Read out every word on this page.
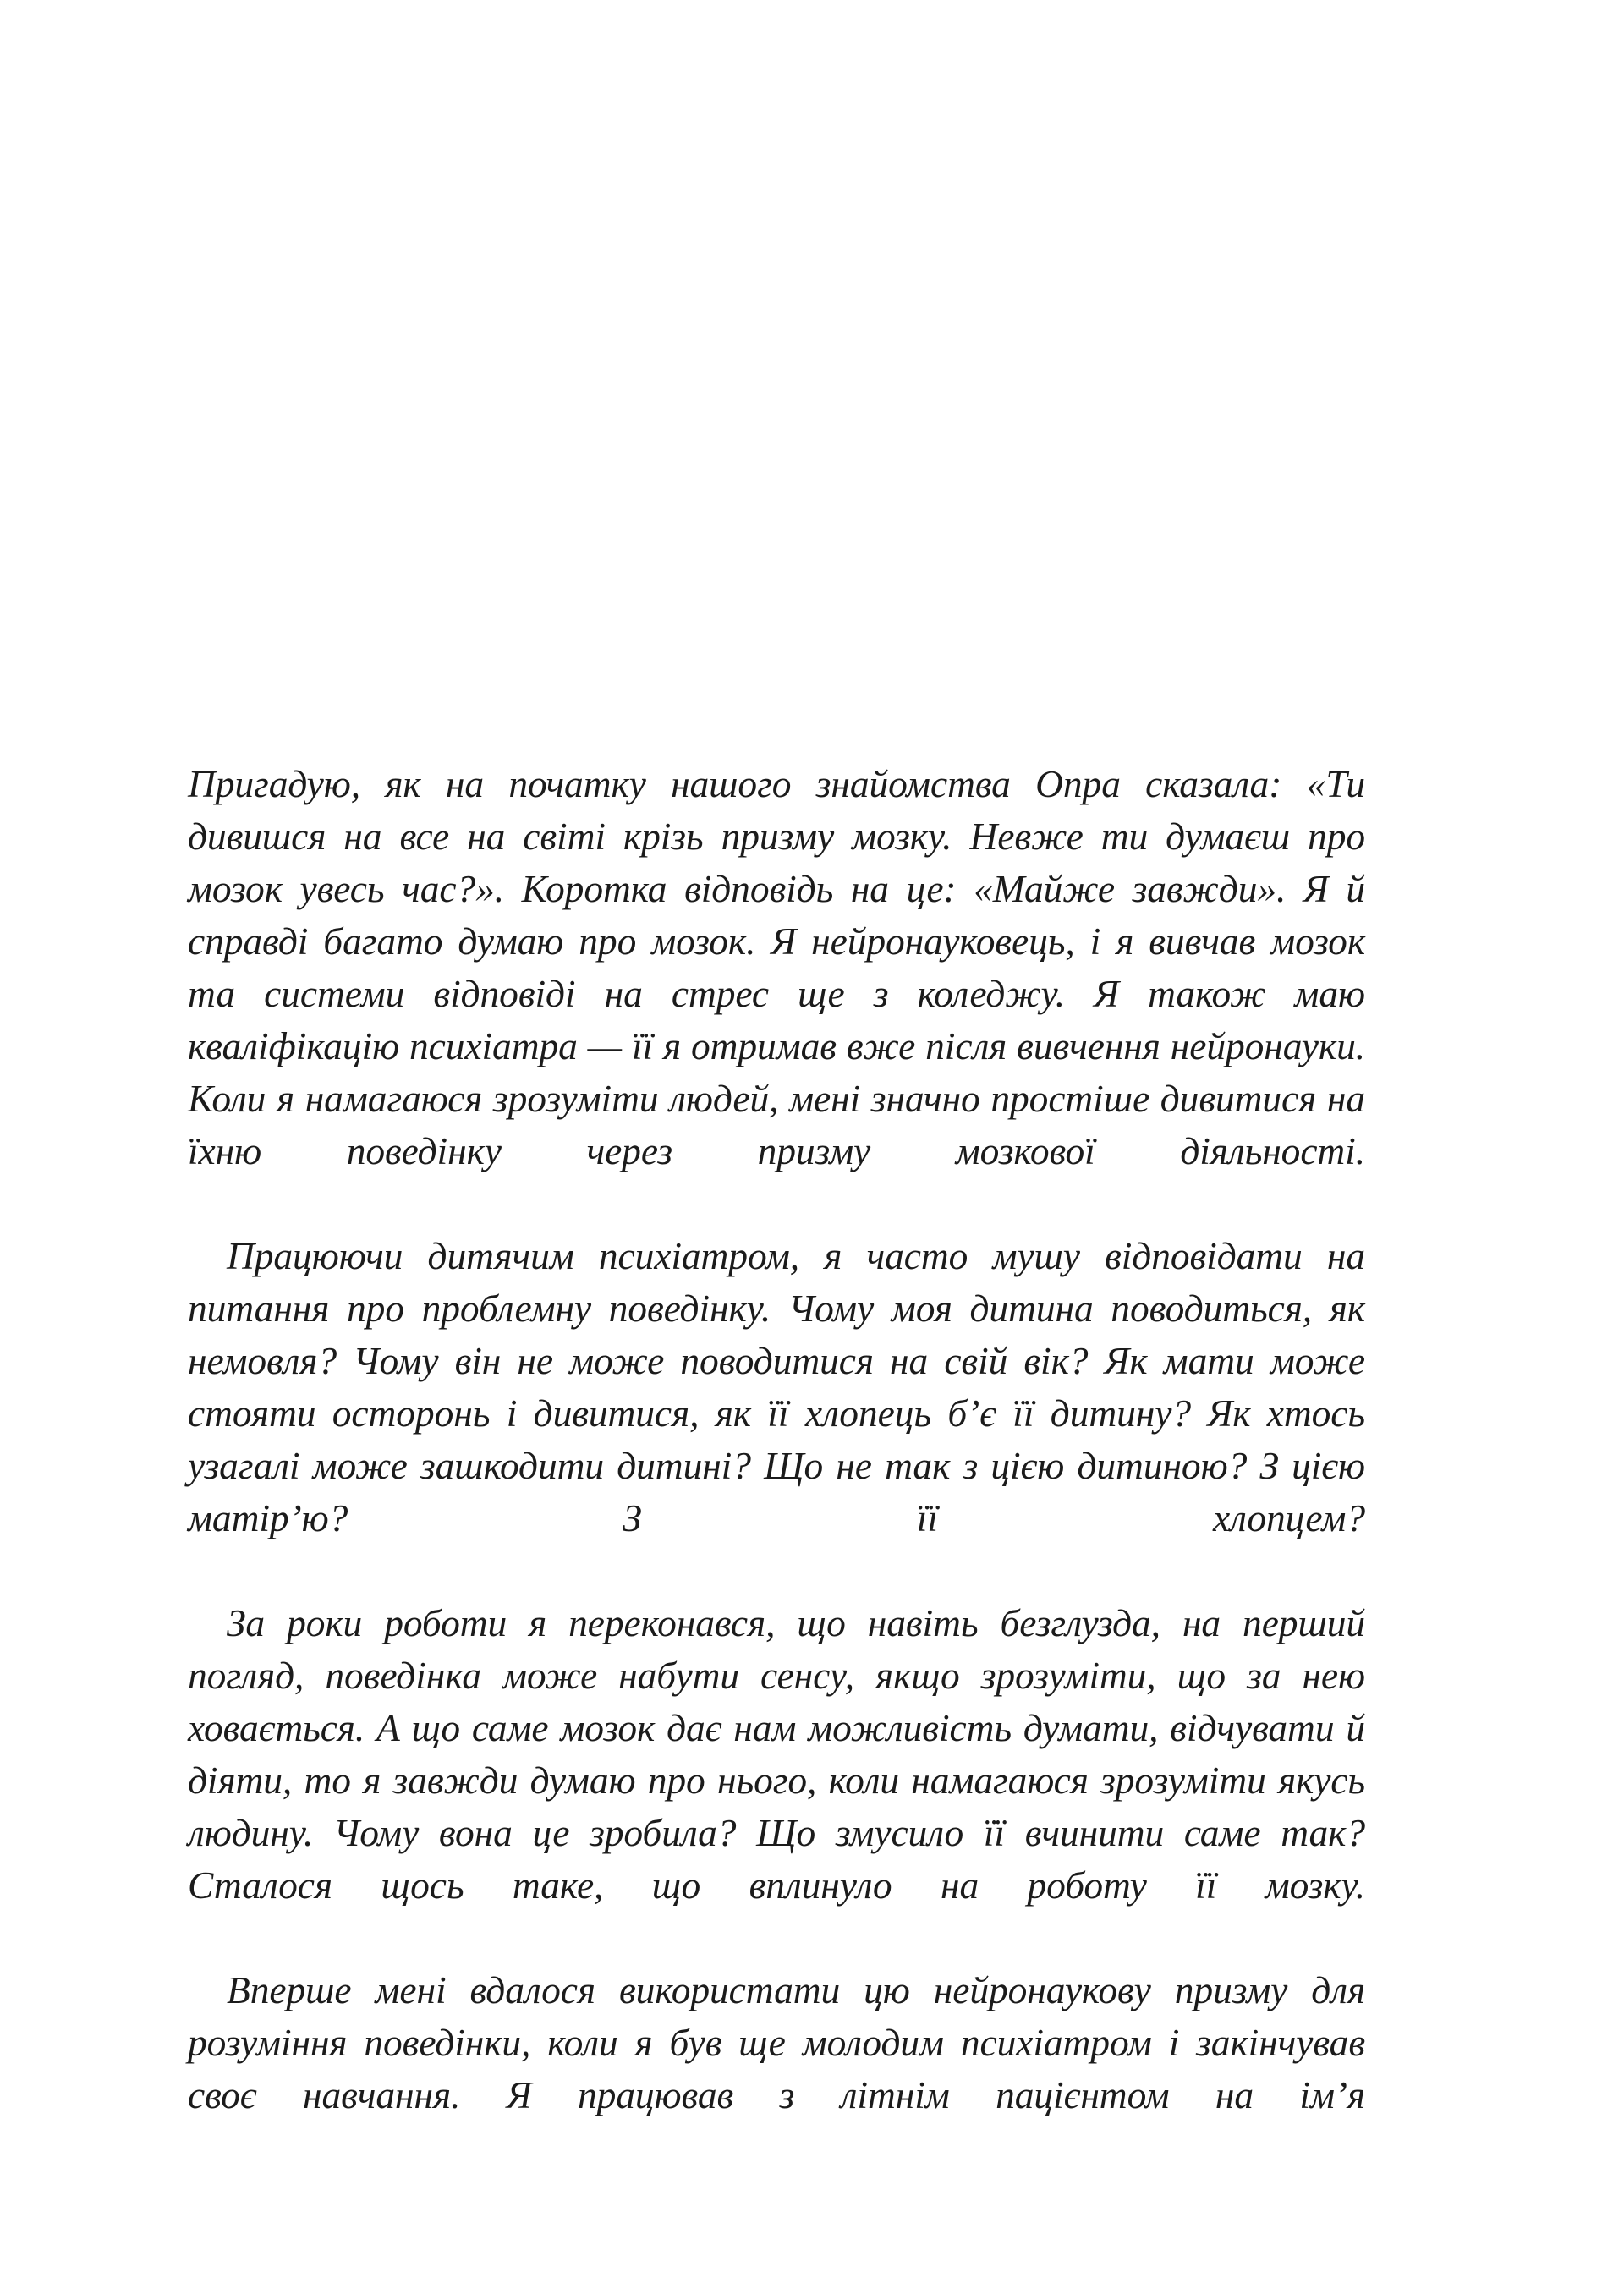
Пригадую, як на початку нашого знайомства Опра сказала: «Ти дивишся на все на світі крізь призму мозку. Невже ти думаєш про мозок увесь час?». Коротка відповідь на це: «Майже завжди». Я й справді багато думаю про мозок. Я нейронауковець, і я вивчав мозок та системи відповіді на стрес ще з коледжу. Я також маю кваліфікацію психіатра — її я отримав вже після вивчення нейронауки. Коли я намагаюся зрозуміти людей, мені значно простіше дивитися на їхню поведінку через призму мозкової діяльності.

Працюючи дитячим психіатром, я часто мушу відповідати на питання про проблемну поведінку. Чому моя дитина поводиться, як немовля? Чому він не може поводитися на свій вік? Як мати може стояти осторонь і дивитися, як її хлопець б’є її дитину? Як хтось узагалі може зашкодити дитині? Що не так з цією дитиною? З цією матір’ю? З її хлопцем?

За роки роботи я переконався, що навіть безглузда, на перший погляд, поведінка може набути сенсу, якщо зрозуміти, що за нею ховається. А що саме мозок дає нам можливість думати, відчувати й діяти, то я завжди думаю про нього, коли намагаюся зрозуміти якусь людину. Чому вона це зробила? Що змусило її вчинити саме так? Сталося щось таке, що вплинуло на роботу її мозку.

Вперше мені вдалося використати цю нейронаукову призму для розуміння поведінки, коли я був ще молодим психіатром і закінчував своє навчання. Я працював з літнім пацієнтом на ім’я
